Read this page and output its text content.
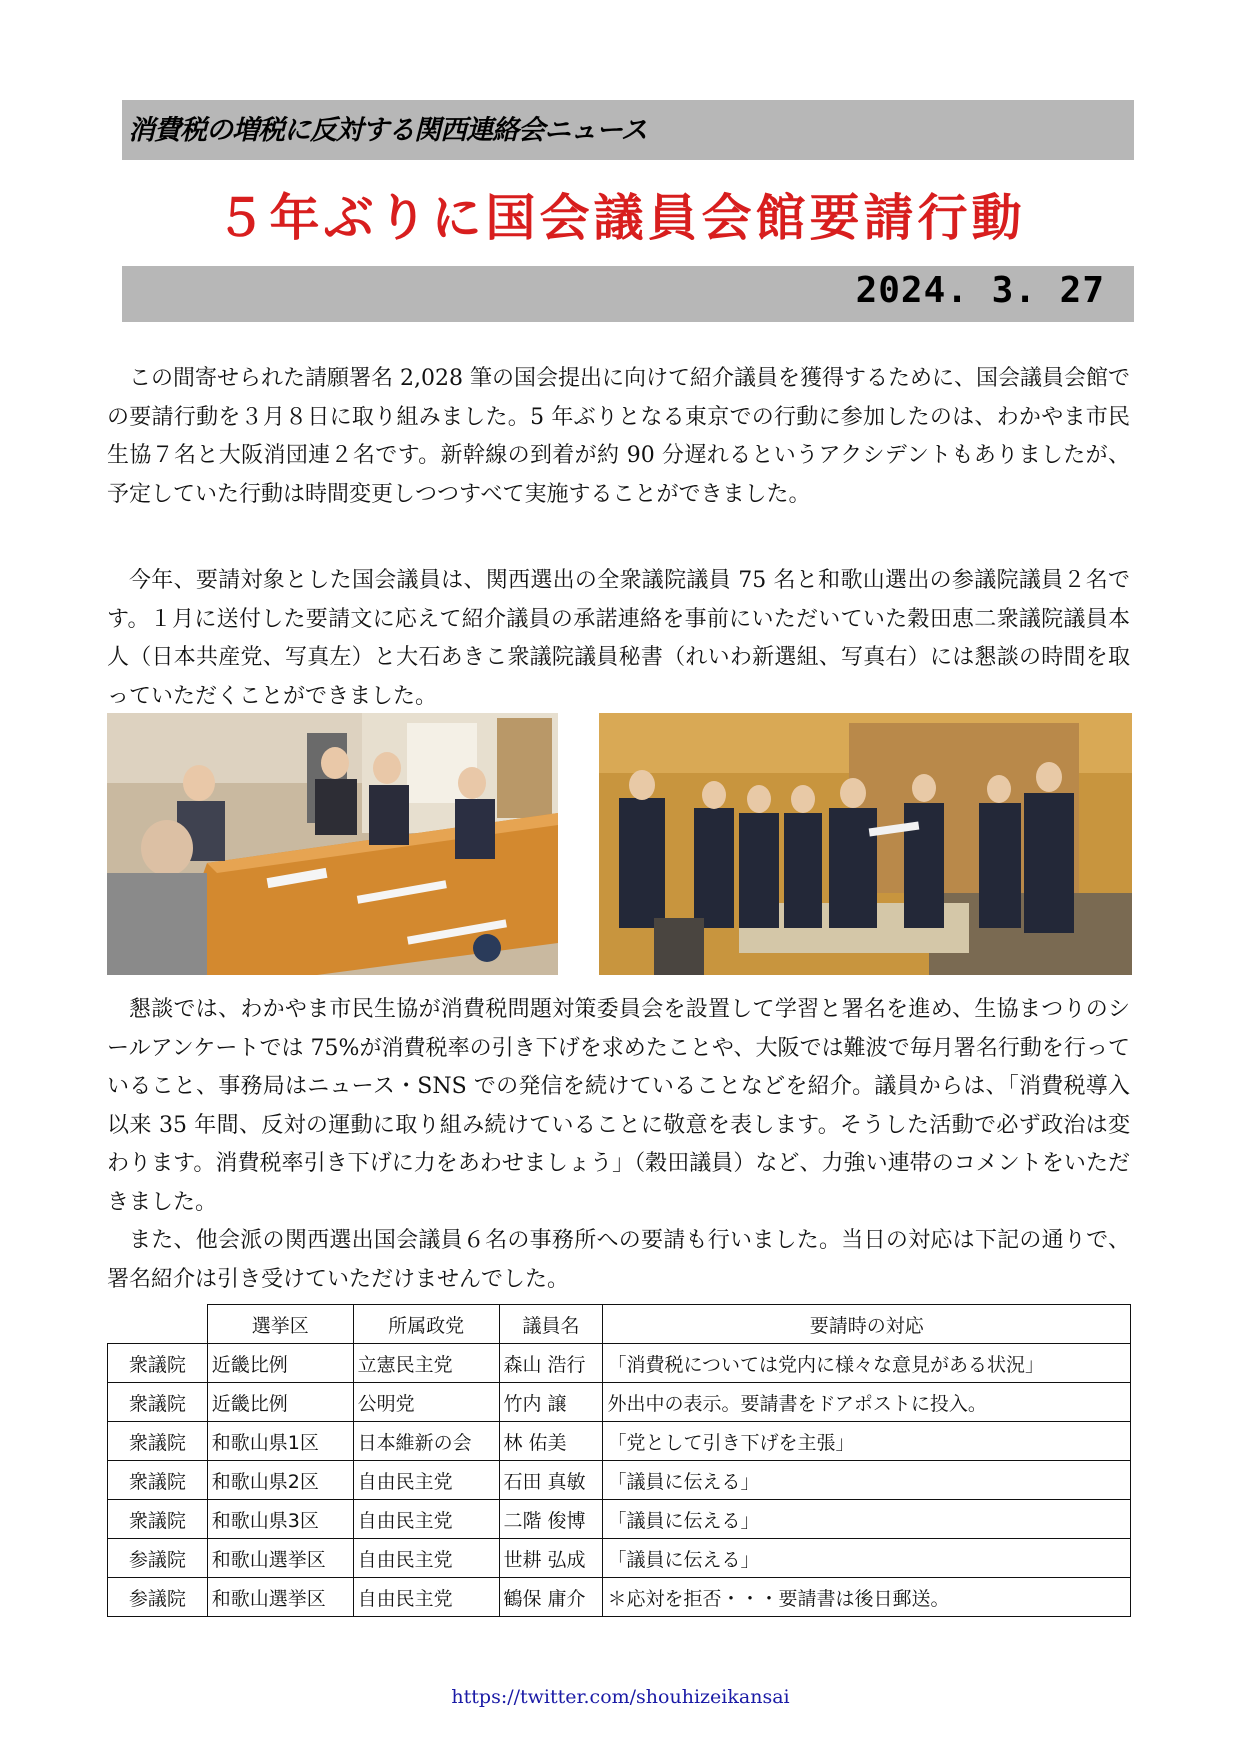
消費税の増税に反対する関西連絡会ニュース
５年ぶりに国会議員会館要請行動
2024. 3. 27

この間寄せられた請願署名 2,028 筆の国会提出に向けて紹介議員を獲得するために、国会議員会館での要請行動を３月８日に取り組みました。5 年ぶりとなる東京での行動に参加したのは、わかやま市民生協７名と大阪消団連２名です。新幹線の到着が約 90 分遅れるというアクシデントもありましたが、予定していた行動は時間変更しつつすべて実施することができました。

今年、要請対象とした国会議員は、関西選出の全衆議院議員 75 名と和歌山選出の参議院議員２名です。１月に送付した要請文に応えて紹介議員の承諾連絡を事前にいただいていた穀田恵二衆議院議員本人（日本共産党、写真左）と大石あきこ衆議院議員秘書（れいわ新選組、写真右）には懇談の時間を取っていただくことができました。

懇談では、わかやま市民生協が消費税問題対策委員会を設置して学習と署名を進め、生協まつりのシールアンケートでは 75%が消費税率の引き下げを求めたことや、大阪では難波で毎月署名行動を行っていること、事務局はニュース・SNS での発信を続けていることなどを紹介。議員からは、「消費税導入以来 35 年間、反対の運動に取り組み続けていることに敬意を表します。そうした活動で必ず政治は変わります。消費税率引き下げに力をあわせましょう」（穀田議員）など、力強い連帯のコメントをいただきました。

また、他会派の関西選出国会議員６名の事務所への要請も行いました。当日の対応は下記の通りで、署名紹介は引き受けていただけませんでした。

	選挙区	所属政党	議員名	要請時の対応
衆議院	近畿比例	立憲民主党	森山 浩行	「消費税については党内に様々な意見がある状況」
衆議院	近畿比例	公明党	竹内 譲	外出中の表示。要請書をドアポストに投入。
衆議院	和歌山県1区	日本維新の会	林 佑美	「党として引き下げを主張」
衆議院	和歌山県2区	自由民主党	石田 真敏	「議員に伝える」
衆議院	和歌山県3区	自由民主党	二階 俊博	「議員に伝える」
参議院	和歌山選挙区	自由民主党	世耕 弘成	「議員に伝える」
参議院	和歌山選挙区	自由民主党	鶴保 庸介	＊応対を拒否・・・要請書は後日郵送。
https://twitter.com/shouhizeikansai
